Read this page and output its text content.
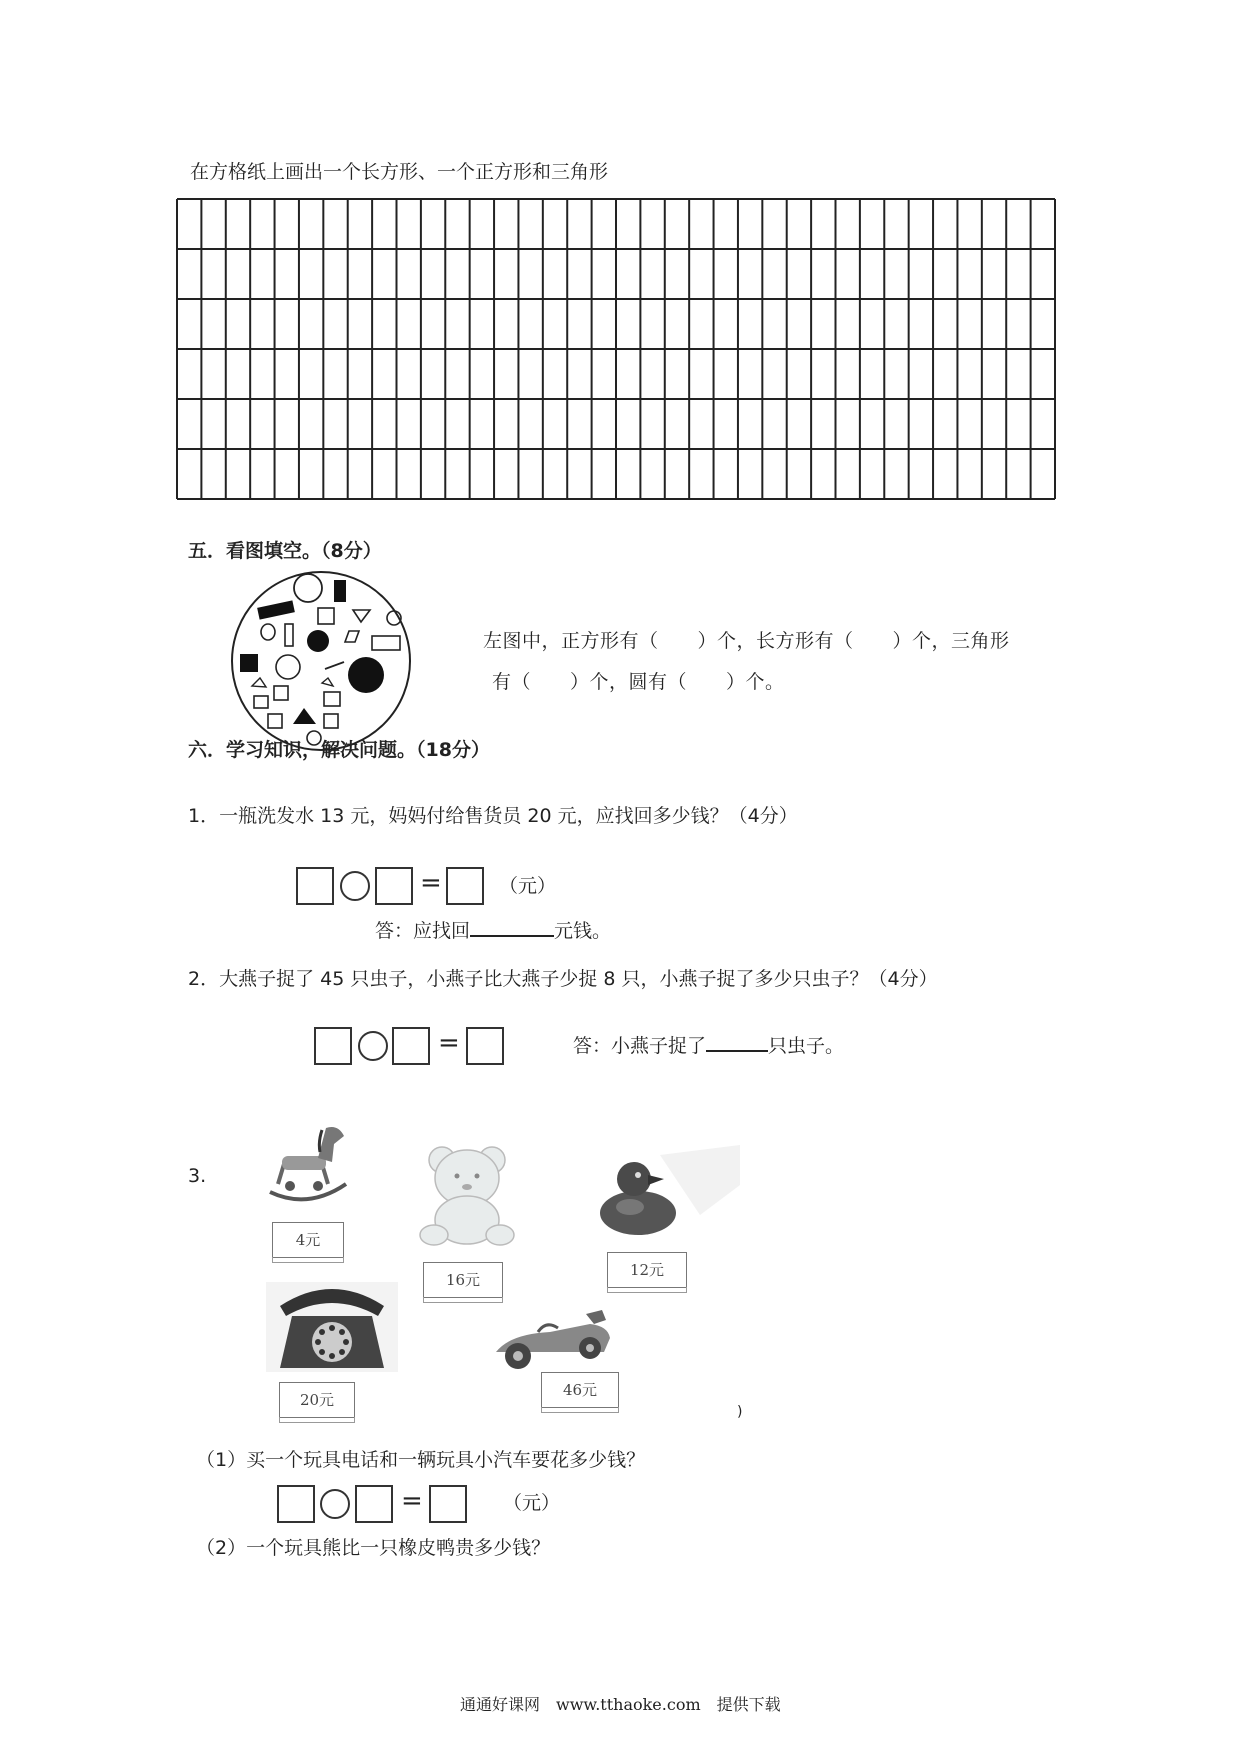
在方格纸上画出一个长方形、一个正方形和三角形
五．看图填空。（8分）
左图中，正方形有（　　）个，长方形有（　　）个，三角形
有（　　）个，圆有（　　）个。
六．学习知识，解决问题。（18分）
1．一瓶洗发水 13 元，妈妈付给售货员 20 元，应找回多少钱？（4分）
=	（元）
答：应找回	元钱。
2．大燕子捉了 45 只虫子，小燕子比大燕子少捉 8 只，小燕子捉了多少只虫子？（4分）
=	答：小燕子捉了	只虫子。
3.
4元
16元
12元
20元
46元
)
（1）买一个玩具电话和一辆玩具小汽车要花多少钱？
=	（元）
（2）一个玩具熊比一只橡皮鸭贵多少钱？
通通好课网　www.tthaoke.com　提供下载
